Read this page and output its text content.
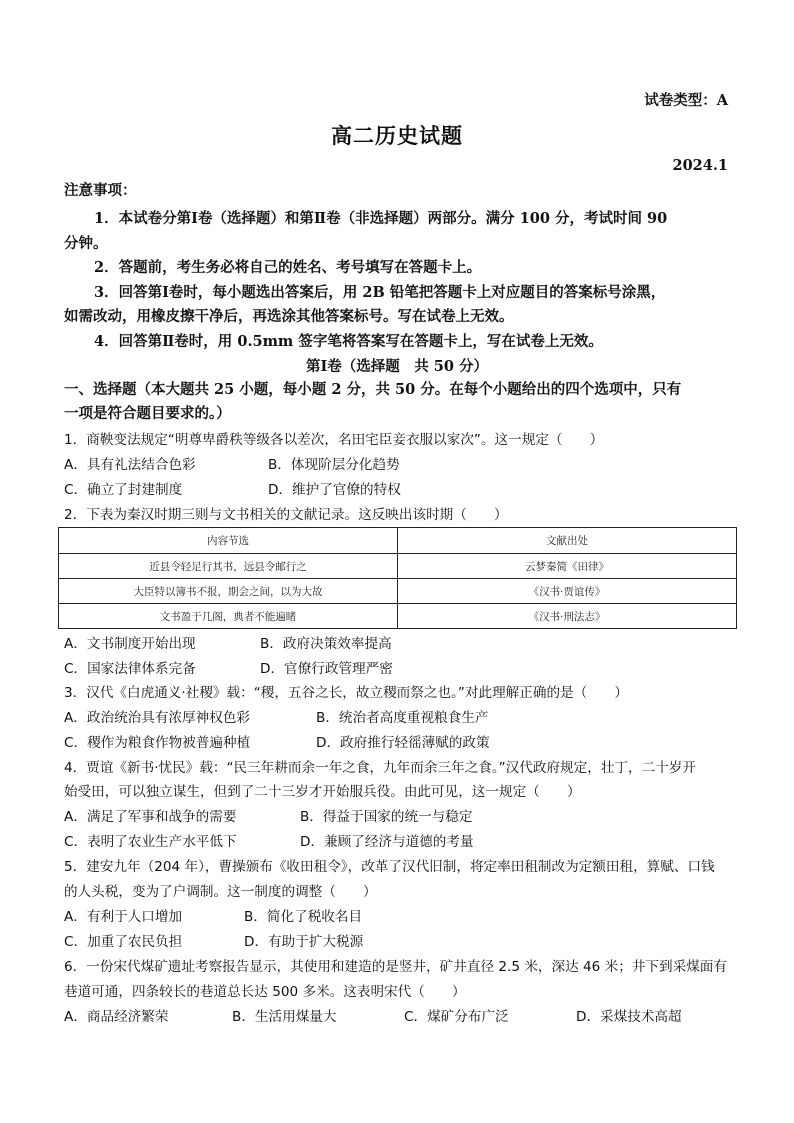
试卷类型：A
高二历史试题
2024.1
注意事项：
1．本试卷分第Ⅰ卷（选择题）和第Ⅱ卷（非选择题）两部分。满分 100 分，考试时间 90
分钟。
2．答题前，考生务必将自己的姓名、考号填写在答题卡上。
3．回答第Ⅰ卷时，每小题选出答案后，用 2B 铅笔把答题卡上对应题目的答案标号涂黑，
如需改动，用橡皮擦干净后，再选涂其他答案标号。写在试卷上无效。
4．回答第Ⅱ卷时，用 0.5mm 签字笔将答案写在答题卡上，写在试卷上无效。
第Ⅰ卷（选择题　共 50 分）
一、选择题（本大题共 25 小题，每小题 2 分，共 50 分。在每个小题给出的四个选项中，只有
一项是符合题目要求的。）
1．商鞅变法规定“明尊卑爵秩等级各以差次，名田宅臣妾衣服以家次”。这一规定（　　）
A．具有礼法结合色彩	B．体现阶层分化趋势
C．确立了封建制度	D．维护了官僚的特权
2．下表为秦汉时期三则与文书相关的文献记录。这反映出该时期（　　）
内容节选	文献出处
近县令轻足行其书，远县令邮行之	云梦秦简《田律》
大臣特以簿书不报，期会之间，以为大故	《汉书·贾谊传》
文书盈于几阁，典者不能遍睹	《汉书·刑法志》
A．文书制度开始出现	B．政府决策效率提高
C．国家法律体系完备	D．官僚行政管理严密
3．汉代《白虎通义·社稷》载：“稷，五谷之长，故立稷而祭之也。”对此理解正确的是（　　）
A．政治统治具有浓厚神权色彩	B．统治者高度重视粮食生产
C．稷作为粮食作物被普遍种植	D．政府推行轻徭薄赋的政策
4．贾谊《新书·忧民》载：“民三年耕而余一年之食，九年而余三年之食。”汉代政府规定，壮丁，二十岁开
始受田，可以独立谋生，但到了二十三岁才开始服兵役。由此可见，这一规定（　　）
A．满足了军事和战争的需要	B．得益于国家的统一与稳定
C．表明了农业生产水平低下	D．兼顾了经济与道德的考量
5．建安九年（204 年），曹操颁布《收田租令》，改革了汉代旧制，将定率田租制改为定额田租，算赋、口钱
的人头税，变为了户调制。这一制度的调整（　　）
A．有利于人口增加	B．简化了税收名目
C．加重了农民负担	D．有助于扩大税源
6．一份宋代煤矿遗址考察报告显示，其使用和建造的是竖井，矿井直径 2.5 米，深达 46 米；井下到采煤面有
巷道可通，四条较长的巷道总长达 500 多米。这表明宋代（　　）
A．商品经济繁荣	B．生活用煤量大	C．煤矿分布广泛	D．采煤技术高超
